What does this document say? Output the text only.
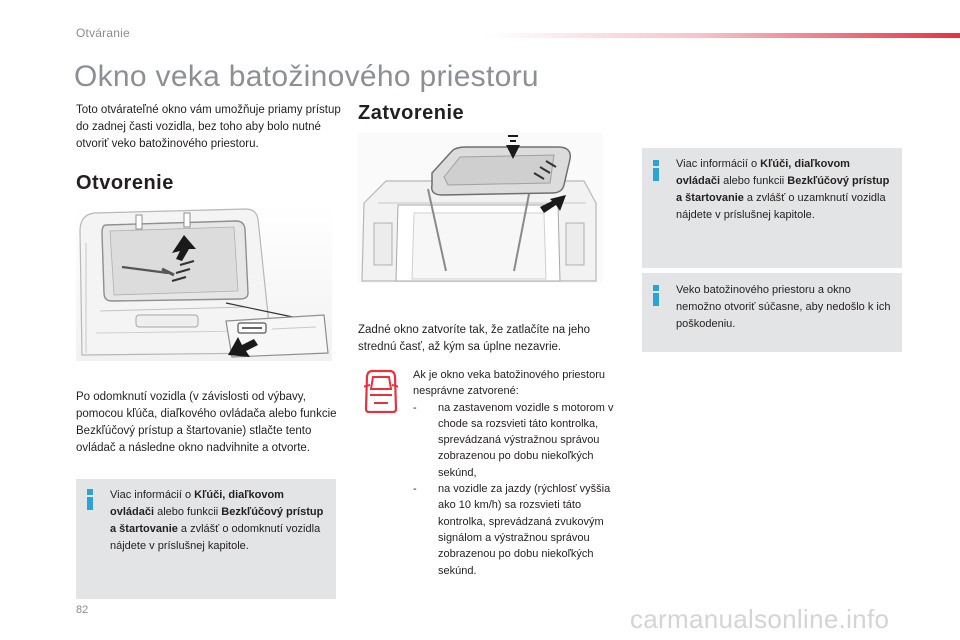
Otváranie
Okno veka batožinového priestoru

Toto otvárateľné okno vám umožňuje priamy prístup do zadnej časti vozidla, bez toho aby bolo nutné otvoriť veko batožinového priestoru.

Otvorenie

Po odomknutí vozidla (v závislosti od výbavy, pomocou kľúča, diaľkového ovládača alebo funkcie Bezkľúčový prístup a štartovanie) stlačte tento ovládač a následne okno nadvihnite a otvorte.

Viac informácií o Kľúči, diaľkovom ovládači alebo funkcii Bezkľúčový prístup a štartovanie a zvlášť o odomknutí vozidla nájdete v príslušnej kapitole.
Zatvorenie

Zadné okno zatvoríte tak, že zatlačíte na jeho strednú časť, až kým sa úplne nezavrie.

Ak je okno veka batožinového priestoru nesprávne zatvorené:
-	na zastavenom vozidle s motorom v chode sa rozsvieti táto kontrolka, sprevádzaná výstražnou správou zobrazenou po dobu niekoľkých sekúnd,
-	na vozidle za jazdy (rýchlosť vyššia ako 10 km/h) sa rozsvieti táto kontrolka, sprevádzaná zvukovým signálom a výstražnou správou zobrazenou po dobu niekoľkých sekúnd.
Viac informácií o Kľúči, diaľkovom ovládači alebo funkcii Bezkľúčový prístup a štartovanie a zvlášť o uzamknutí vozidla nájdete v príslušnej kapitole.
Veko batožinového priestoru a okno nemožno otvoriť súčasne, aby nedošlo k ich poškodeniu.
82	carmanualsonline.info
